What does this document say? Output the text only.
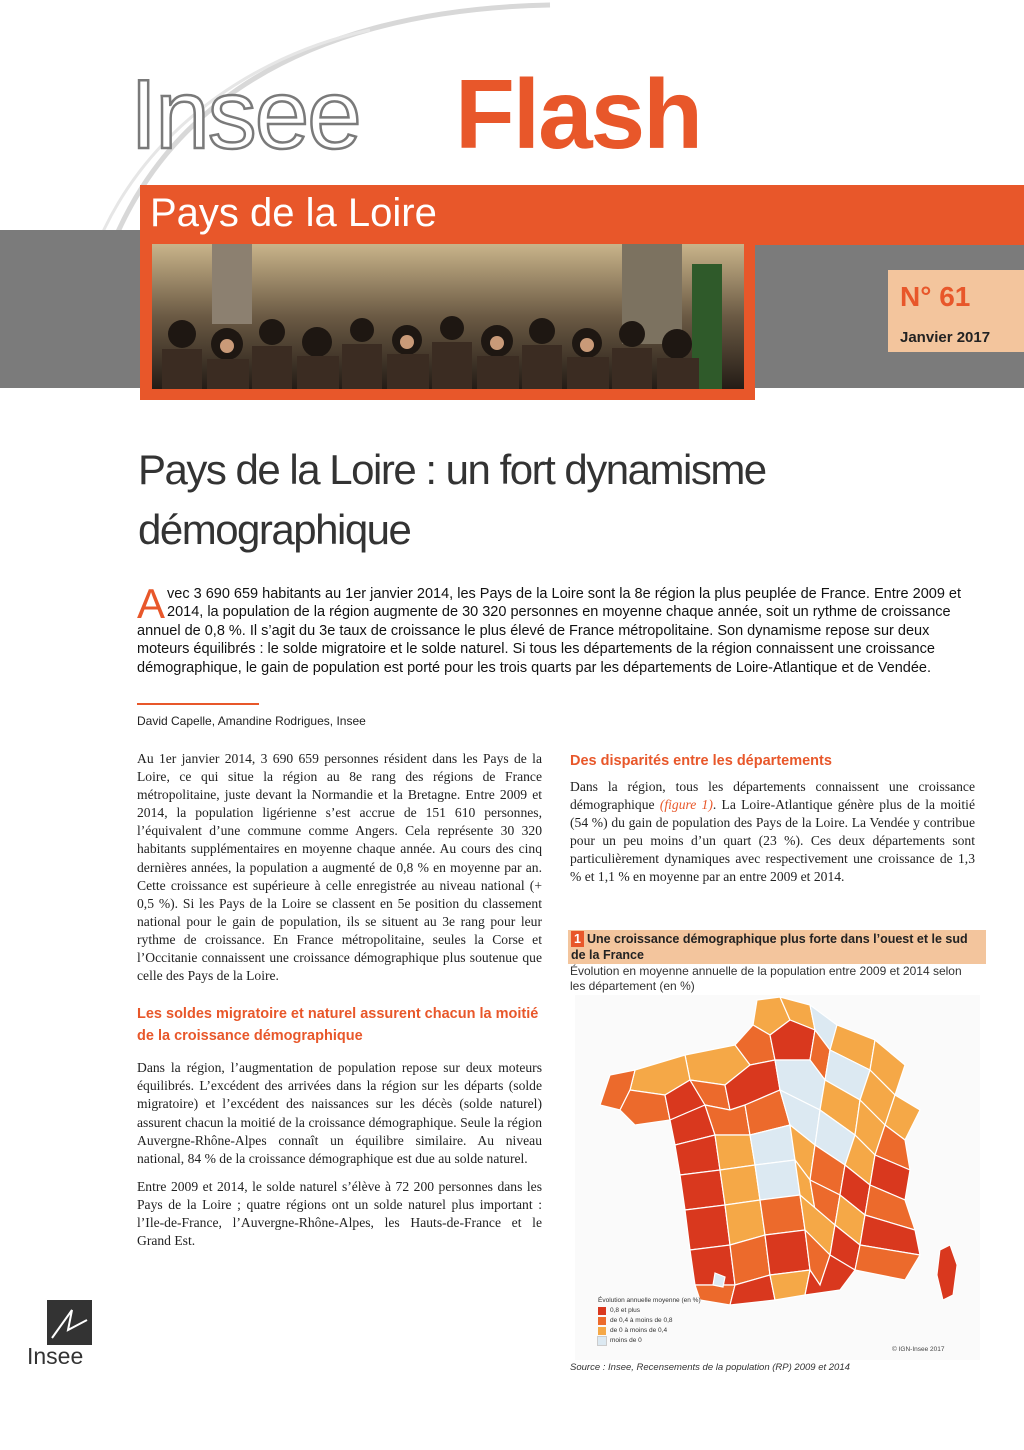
Insee Flash
Pays de la Loire
N° 61
Janvier 2017
Pays de la Loire : un fort dynamisme
démographique
Avec 3 690 659 habitants au 1er janvier 2014, les Pays de la Loire sont la 8e région la plus peuplée de France. Entre 2009 et 2014, la population de la région augmente de 30 320 personnes en moyenne chaque année, soit un rythme de croissance annuel de 0,8 %. Il s’agit du 3e taux de croissance le plus élevé de France métropolitaine. Son dynamisme repose sur deux moteurs équilibrés : le solde migratoire et le solde naturel. Si tous les départements de la région connaissent une croissance démographique, le gain de population est porté pour les trois quarts par les départements de Loire-Atlantique et de Vendée.
David Capelle, Amandine Rodrigues, Insee

Au 1er janvier 2014, 3 690 659 personnes résident dans les Pays de la Loire, ce qui situe la région au 8e rang des régions de France métropolitaine, juste devant la Normandie et la Bretagne. Entre 2009 et 2014, la population ligérienne s’est accrue de 151 610 personnes, l’équivalent d’une commune comme Angers. Cela représente 30 320 habitants supplémentaires en moyenne chaque année. Au cours des cinq dernières années, la population a augmenté de 0,8 % en moyenne par an. Cette croissance est supérieure à celle enregistrée au niveau national (+ 0,5 %). Si les Pays de la Loire se classent en 5e position du classement national pour le gain de population, ils se situent au 3e rang pour leur rythme de croissance. En France métropolitaine, seules la Corse et l’Occitanie connaissent une croissance démographique plus soutenue que celle des Pays de la Loire.

Les soldes migratoire et naturel assurent chacun la moitié de la croissance démographique

Dans la région, l’augmentation de population repose sur deux moteurs équilibrés. L’excédent des arrivées dans la région sur les départs (solde migratoire) et l’excédent des naissances sur les décès (solde naturel) assurent chacun la moitié de la croissance démographique. Seule la région Auvergne-Rhône-Alpes connaît un équilibre similaire. Au niveau national, 84 % de la croissance démographique est due au solde naturel.

Entre 2009 et 2014, le solde naturel s’élève à 72 200 personnes dans les Pays de la Loire ; quatre régions ont un solde naturel plus important : l’Ile-de-France, l’Auvergne-Rhône-Alpes, les Hauts-de-France et le Grand Est.

Des disparités entre les départements

Dans la région, tous les départements connaissent une croissance démographique (figure 1). La Loire-Atlantique génère plus de la moitié (54 %) du gain de population des Pays de la Loire. La Vendée y contribue pour un peu moins d’un quart (23 %). Ces deux départements sont particulièrement dynamiques avec respectivement une croissance de 1,3 % et 1,1 % en moyenne par an entre 2009 et 2014.

1 Une croissance démographique plus forte dans l’ouest et le sud de la France
Évolution en moyenne annuelle de la population entre 2009 et 2014 selon les département (en %)
Évolution annuelle moyenne (en %)
0,8 et plus
de 0,4 à moins de 0,8
de 0 à moins de 0,4
moins de 0
© IGN-Insee 2017
Source : Insee, Recensements de la population (RP) 2009 et 2014
Insee
